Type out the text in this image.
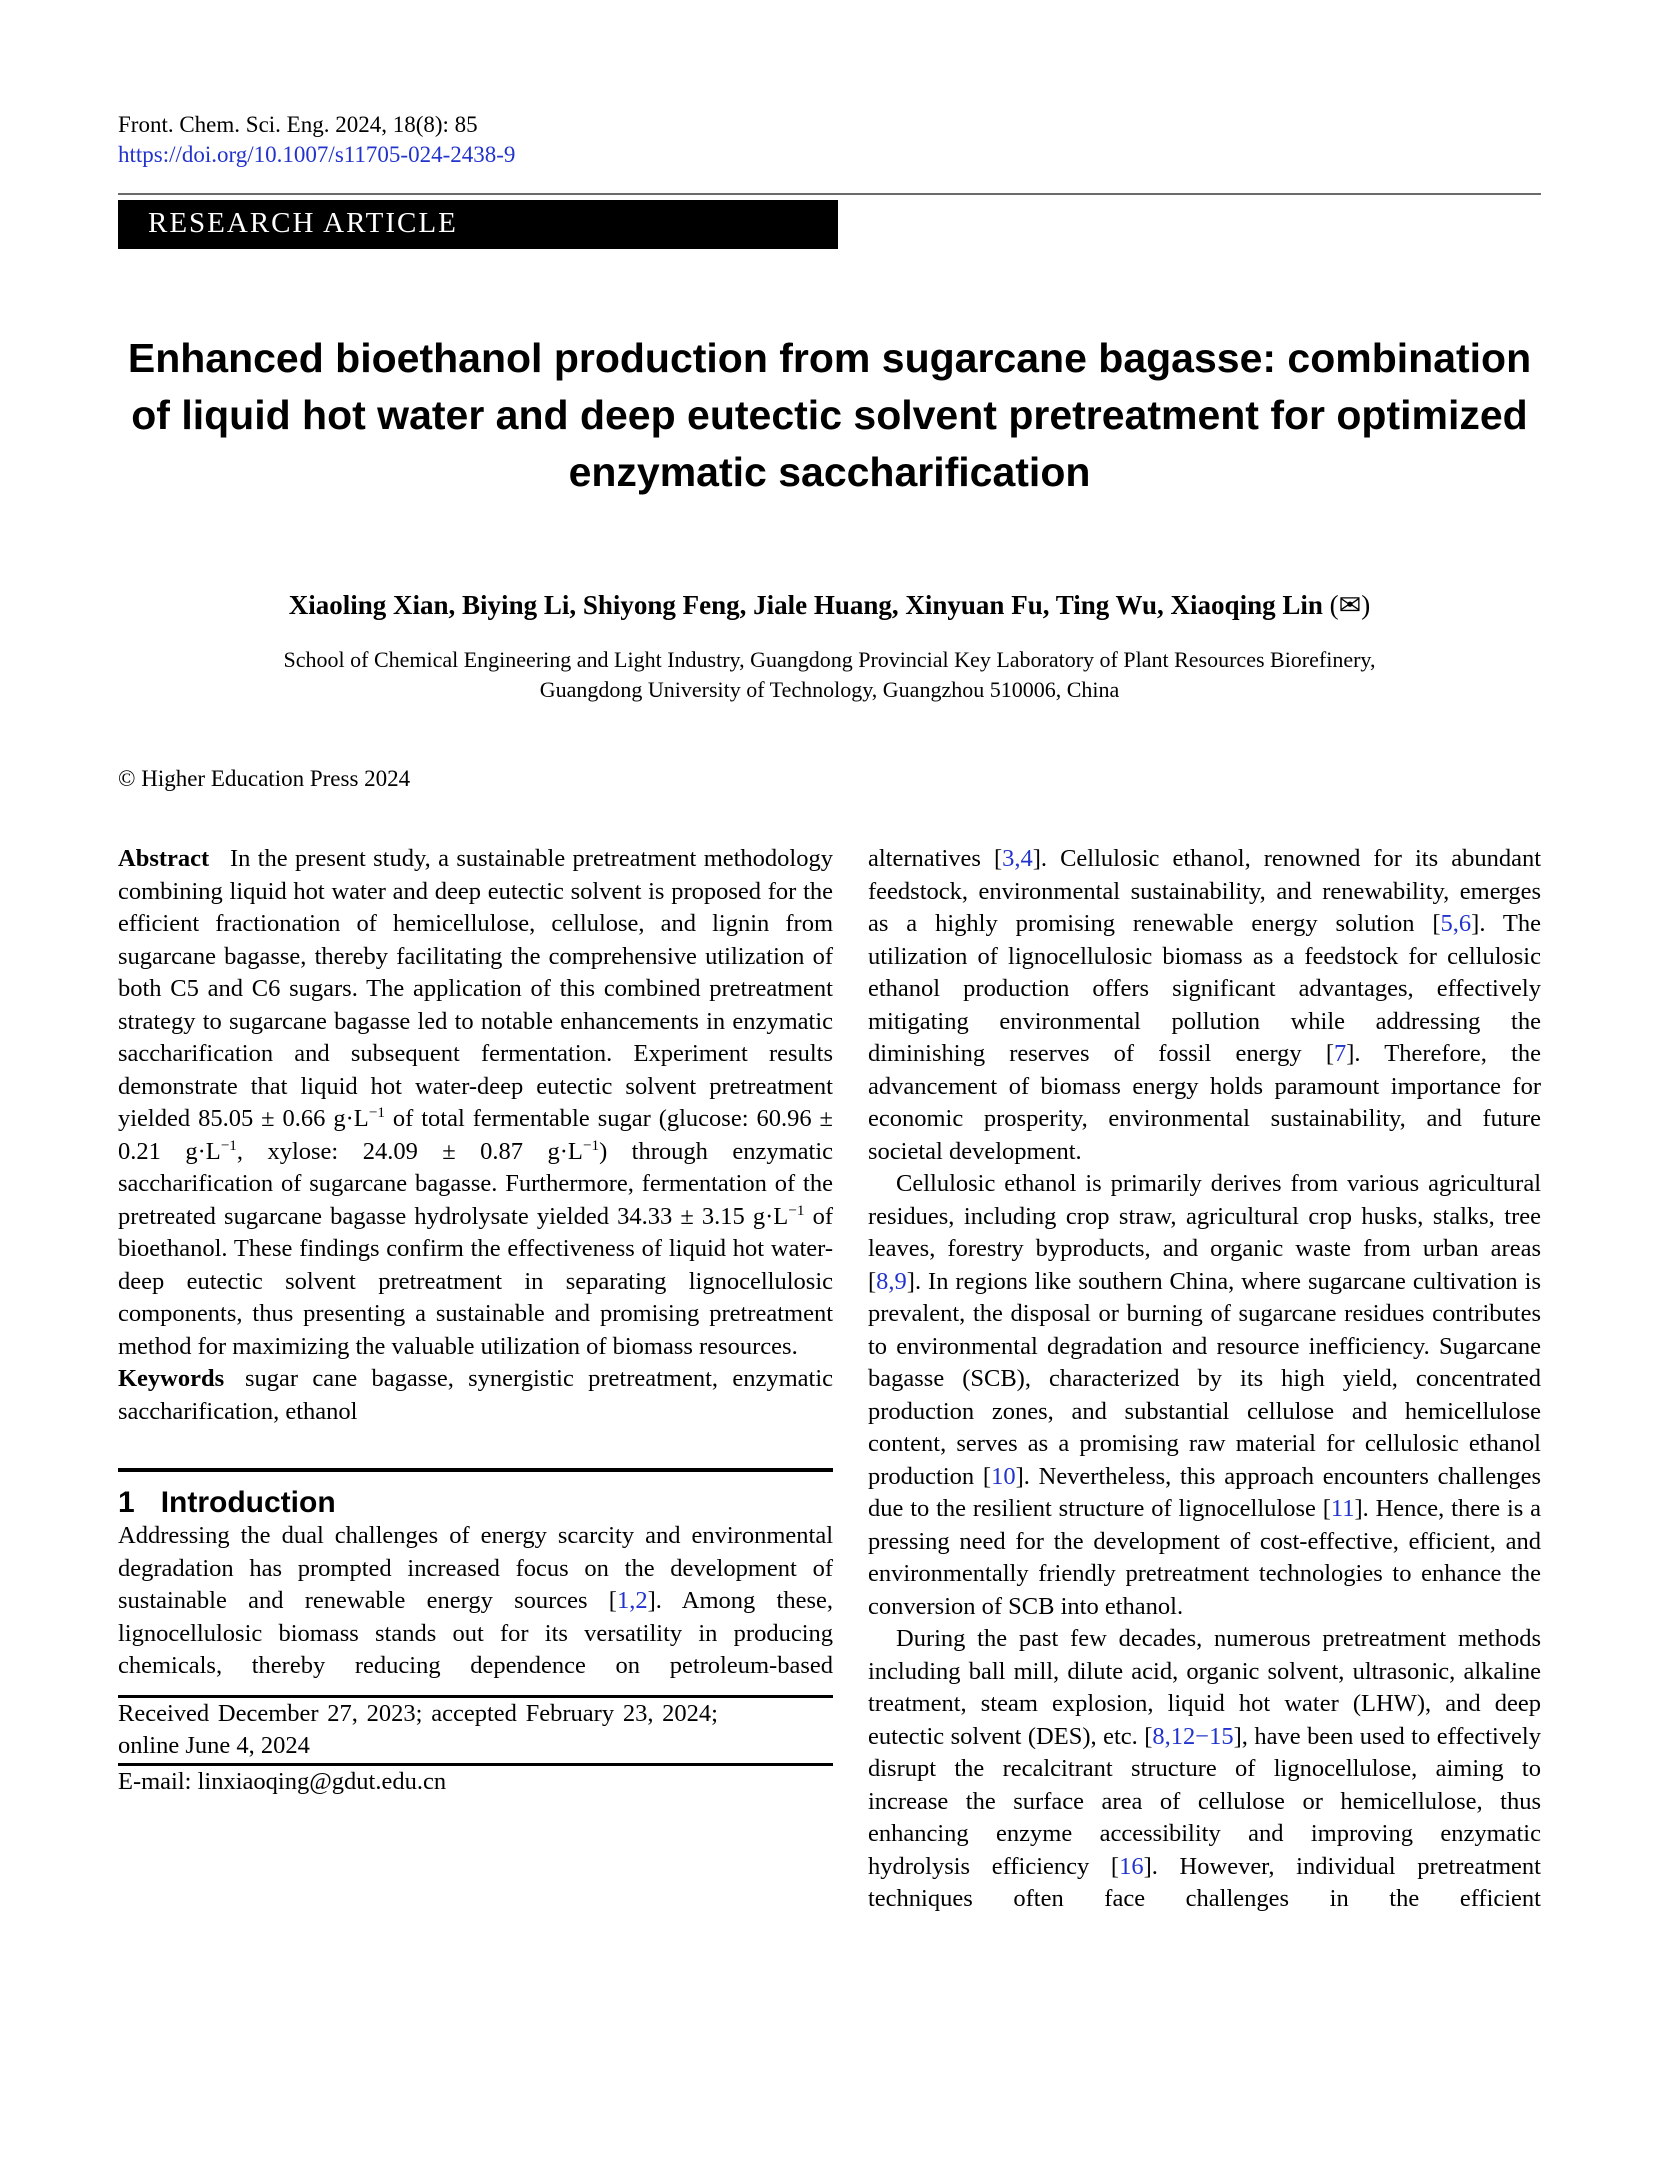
Front. Chem. Sci. Eng. 2024, 18(8): 85
https://doi.org/10.1007/s11705-024-2438-9
RESEARCH ARTICLE
Enhanced bioethanol production from sugarcane bagasse: combination of liquid hot water and deep eutectic solvent pretreatment for optimized enzymatic saccharification
Xiaoling Xian, Biying Li, Shiyong Feng, Jiale Huang, Xinyuan Fu, Ting Wu, Xiaoqing Lin (✉)
School of Chemical Engineering and Light Industry, Guangdong Provincial Key Laboratory of Plant Resources Biorefinery,
Guangdong University of Technology, Guangzhou 510006, China
© Higher Education Press 2024

Abstract In the present study, a sustainable pretreatment methodology combining liquid hot water and deep eutectic solvent is proposed for the efficient fractionation of hemicellulose, cellulose, and lignin from sugarcane bagasse, thereby facilitating the comprehensive utilization of both C5 and C6 sugars. The application of this combined pretreatment strategy to sugarcane bagasse led to notable enhancements in enzymatic saccharification and subsequent fermentation. Experiment results demonstrate that liquid hot water-deep eutectic solvent pretreatment yielded 85.05 ± 0.66 $g\cdot L^{-1}$ of total fermentable sugar (glucose: 60.96 ± 0.21 $g\cdot L^{-1}$, xylose: 24.09 ± 0.87 $g\cdot L^{-1}$) through enzymatic saccharification of sugarcane bagasse. Furthermore, fermentation of the pretreated sugarcane bagasse hydrolysate yielded 34.33 ± 3.15 $g\cdot L^{-1}$ of bioethanol. These findings confirm the effectiveness of liquid hot water-deep eutectic solvent pretreatment in separating lignocellulosic components, thus presenting a sustainable and promising pretreatment method for maximizing the valuable utilization of biomass resources.

Keywords sugar cane bagasse, synergistic pretreatment, enzymatic saccharification, ethanol

1 Introduction

Addressing the dual challenges of energy scarcity and environmental degradation has prompted increased focus on the development of sustainable and renewable energy sources [1,2]. Among these, lignocellulosic biomass stands out for its versatility in producing chemicals, thereby reducing dependence on petroleum-based

Received December 27, 2023; accepted February 23, 2024; online June 4, 2024

E-mail: linxiaoqing@gdut.edu.cn

alternatives [3,4]. Cellulosic ethanol, renowned for its abundant feedstock, environmental sustainability, and renewability, emerges as a highly promising renewable energy solution [5,6]. The utilization of lignocellulosic biomass as a feedstock for cellulosic ethanol production offers significant advantages, effectively mitigating environmental pollution while addressing the diminishing reserves of fossil energy [7]. Therefore, the advancement of biomass energy holds paramount importance for economic prosperity, environmental sustainability, and future societal development.

Cellulosic ethanol is primarily derives from various agricultural residues, including crop straw, agricultural crop husks, stalks, tree leaves, forestry byproducts, and organic waste from urban areas [8,9]. In regions like southern China, where sugarcane cultivation is prevalent, the disposal or burning of sugarcane residues contributes to environmental degradation and resource inefficiency. Sugarcane bagasse (SCB), characterized by its high yield, concentrated production zones, and substantial cellulose and hemicellulose content, serves as a promising raw material for cellulosic ethanol production [10]. Nevertheless, this approach encounters challenges due to the resilient structure of lignocellulose [11]. Hence, there is a pressing need for the development of cost-effective, efficient, and environmentally friendly pretreatment technologies to enhance the conversion of SCB into ethanol.

During the past few decades, numerous pretreatment methods including ball mill, dilute acid, organic solvent, ultrasonic, alkaline treatment, steam explosion, liquid hot water (LHW), and deep eutectic solvent (DES), etc. [8,12−15], have been used to effectively disrupt the recalcitrant structure of lignocellulose, aiming to increase the surface area of cellulose or hemicellulose, thus enhancing enzyme accessibility and improving enzymatic hydrolysis efficiency [16]. However, individual pretreatment techniques often face challenges in the efficient
